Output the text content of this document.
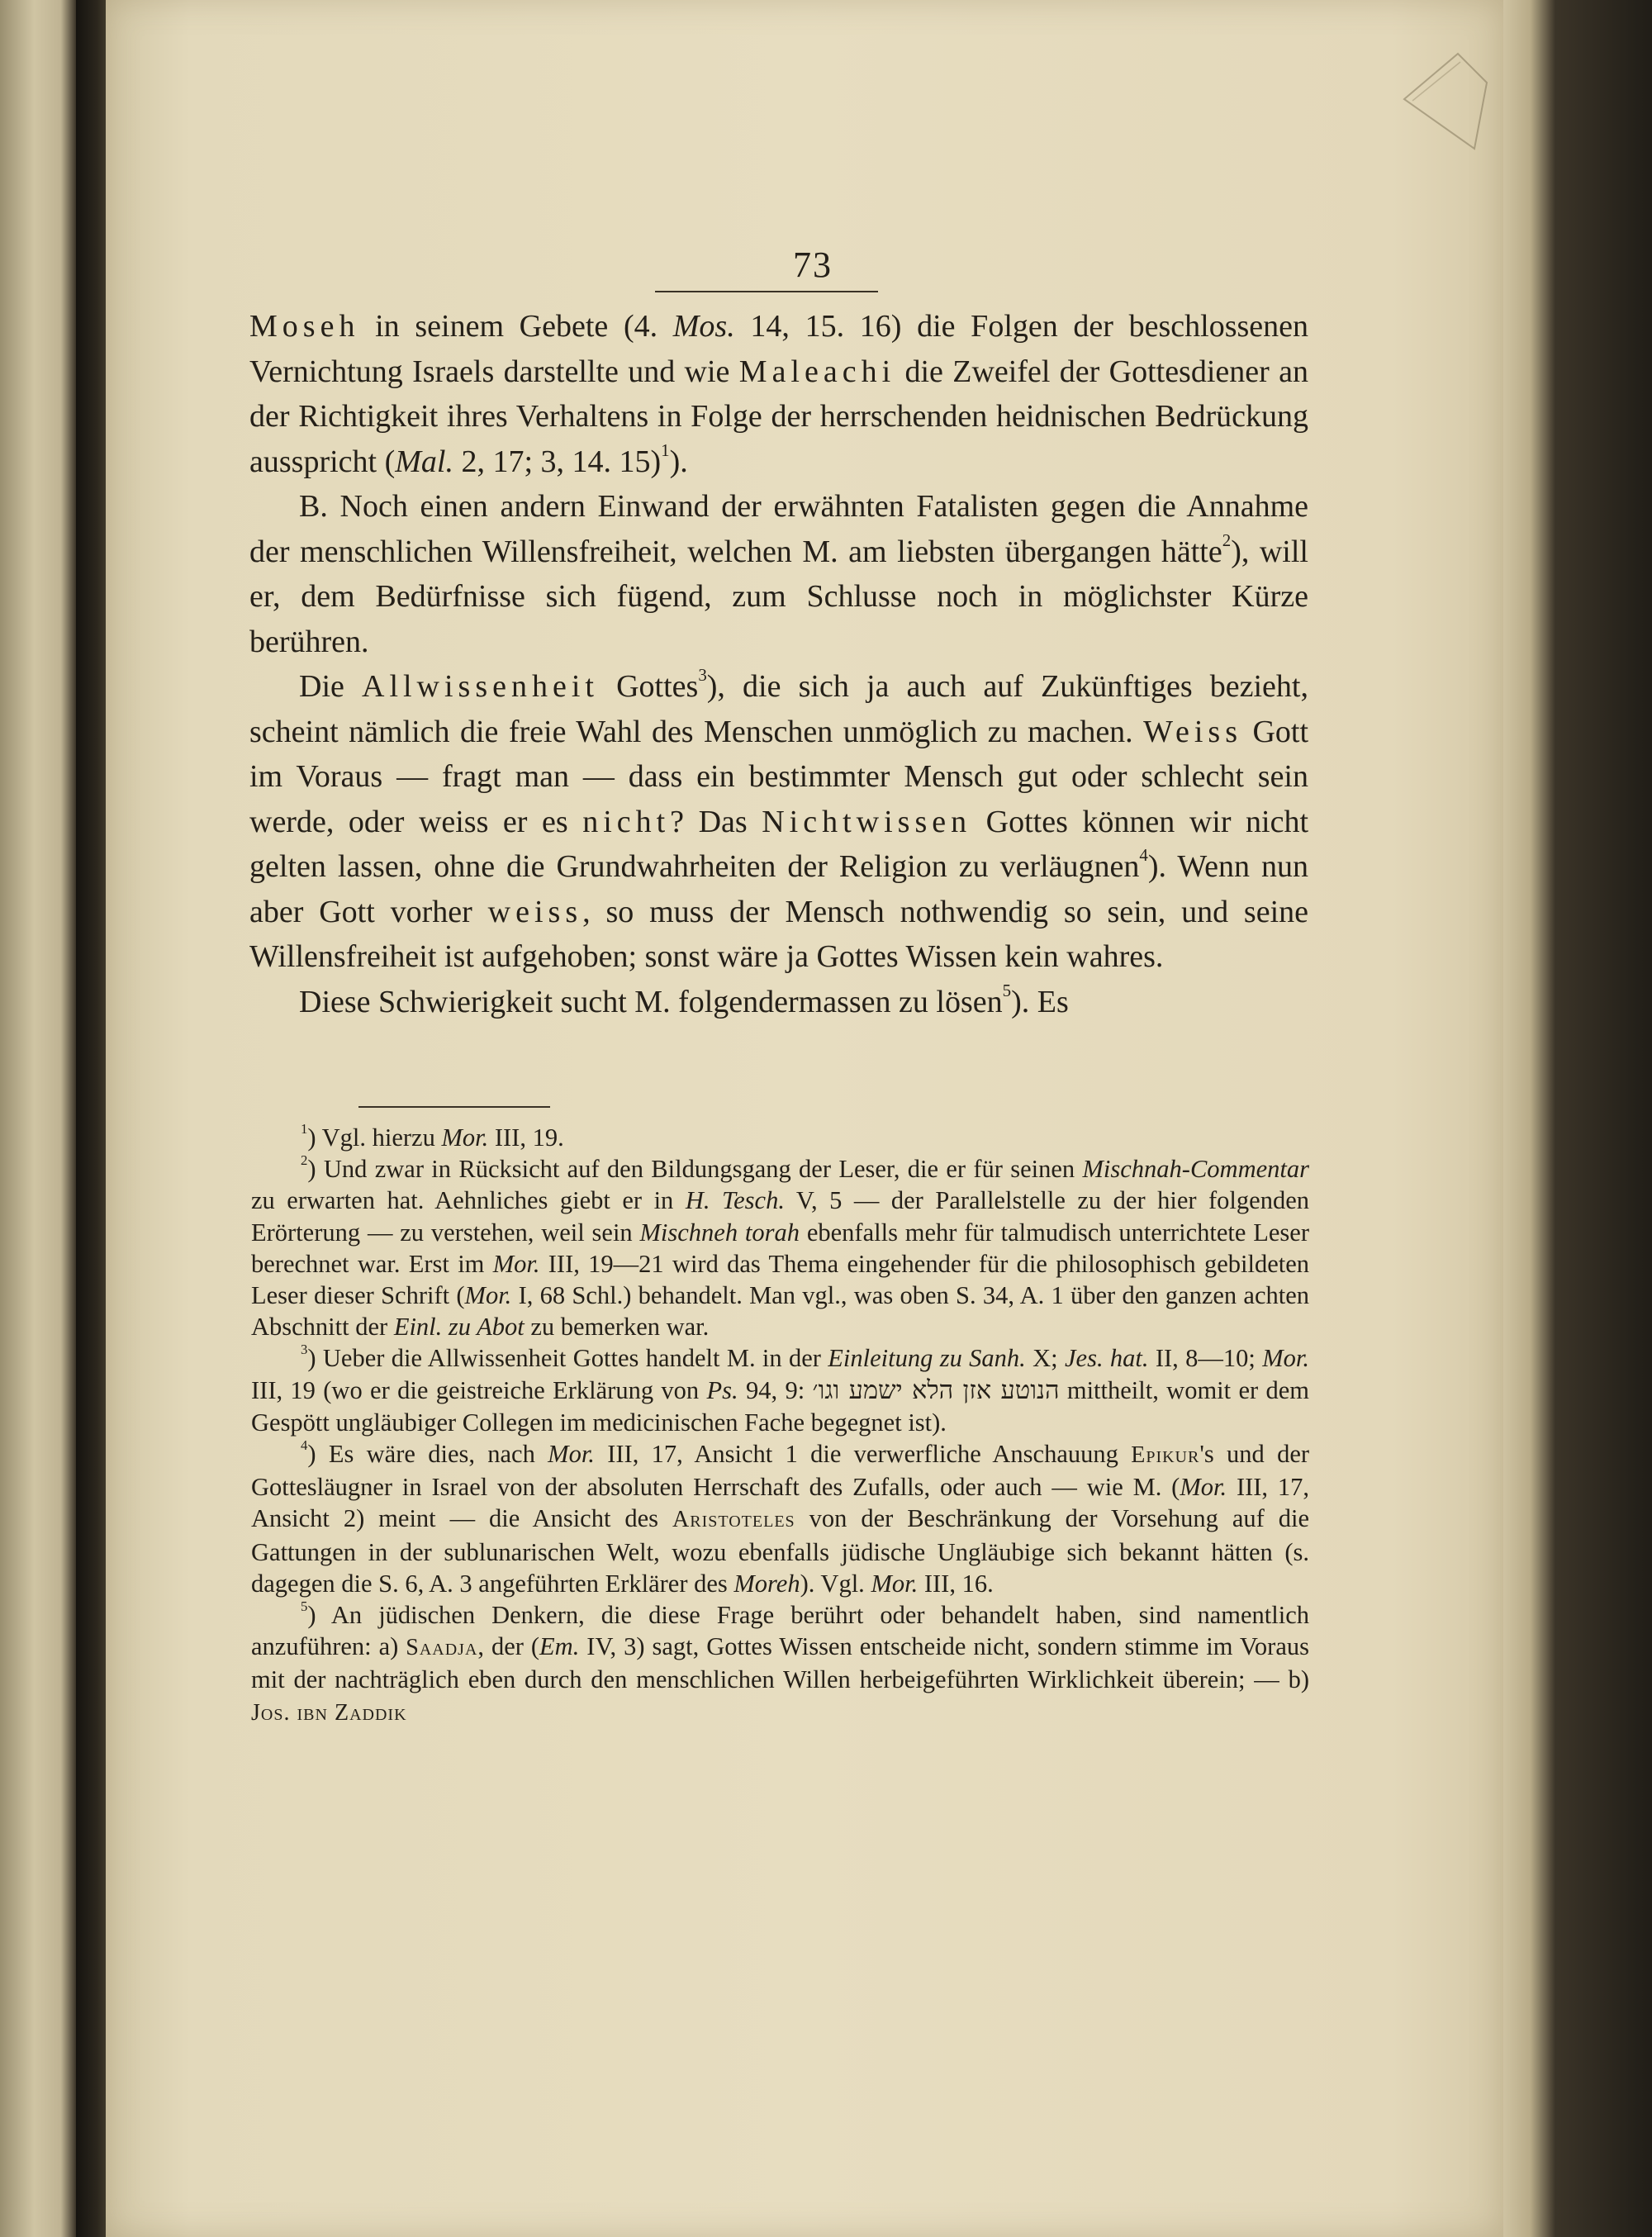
73

Moseh in seinem Gebete (4. Mos. 14, 15. 16) die Folgen der beschlossenen Vernichtung Israels darstellte und wie Maleachi die Zweifel der Gottesdiener an der Richtigkeit ihres Verhaltens in Folge der herrschenden heidnischen Bedrückung ausspricht (Mal. 2, 17; 3, 14. 15)$^1$).

B. Noch einen andern Einwand der erwähnten Fatalisten gegen die Annahme der menschlichen Willensfreiheit, welchen M. am liebsten übergangen hätte$^2$), will er, dem Bedürfnisse sich fügend, zum Schlusse noch in möglichster Kürze berühren.

Die Allwissenheit Gottes$^3$), die sich ja auch auf Zukünftiges bezieht, scheint nämlich die freie Wahl des Menschen unmöglich zu machen. Weiss Gott im Voraus — fragt man — dass ein bestimmter Mensch gut oder schlecht sein werde, oder weiss er es nicht? Das Nichtwissen Gottes können wir nicht gelten lassen, ohne die Grundwahrheiten der Religion zu verläugnen$^4$). Wenn nun aber Gott vorher weiss, so muss der Mensch nothwendig so sein, und seine Willensfreiheit ist aufgehoben; sonst wäre ja Gottes Wissen kein wahres.

Diese Schwierigkeit sucht M. folgendermassen zu lösen$^5$). Es

$^1$) Vgl. hierzu Mor. III, 19.

$^2$) Und zwar in Rücksicht auf den Bildungsgang der Leser, die er für seinen Mischnah-Commentar zu erwarten hat. Aehnliches giebt er in H. Tesch. V, 5 — der Parallelstelle zu der hier folgenden Erörterung — zu verstehen, weil sein Mischneh torah ebenfalls mehr für talmudisch unterrichtete Leser berechnet war. Erst im Mor. III, 19—21 wird das Thema eingehender für die philosophisch gebildeten Leser dieser Schrift (Mor. I, 68 Schl.) behandelt. Man vgl., was oben S. 34, A. 1 über den ganzen achten Abschnitt der Einl. zu Abot zu bemerken war.

$^3$) Ueber die Allwissenheit Gottes handelt M. in der Einleitung zu Sanh. X; Jes. hat. II, 8—10; Mor. III, 19 (wo er die geistreiche Erklärung von Ps. 94, 9: הנוטע אזן הלא ישמע וגו׳ mittheilt, womit er dem Gespött ungläubiger Collegen im medicinischen Fache begegnet ist).

$^4$) Es wäre dies, nach Mor. III, 17, Ansicht 1 die verwerfliche Anschauung Epikur's und der Gottesläugner in Israel von der absoluten Herrschaft des Zufalls, oder auch — wie M. (Mor. III, 17, Ansicht 2) meint — die Ansicht des Aristoteles von der Beschränkung der Vorsehung auf die Gattungen in der sublunarischen Welt, wozu ebenfalls jüdische Ungläubige sich bekannt hätten (s. dagegen die S. 6, A. 3 angeführten Erklärer des Moreh). Vgl. Mor. III, 16.

$^5$) An jüdischen Denkern, die diese Frage berührt oder behandelt haben, sind namentlich anzuführen: a) Saadja, der (Em. IV, 3) sagt, Gottes Wissen entscheide nicht, sondern stimme im Voraus mit der nachträglich eben durch den menschlichen Willen herbeigeführten Wirklichkeit überein; — b) Jos. ibn Zaddik
